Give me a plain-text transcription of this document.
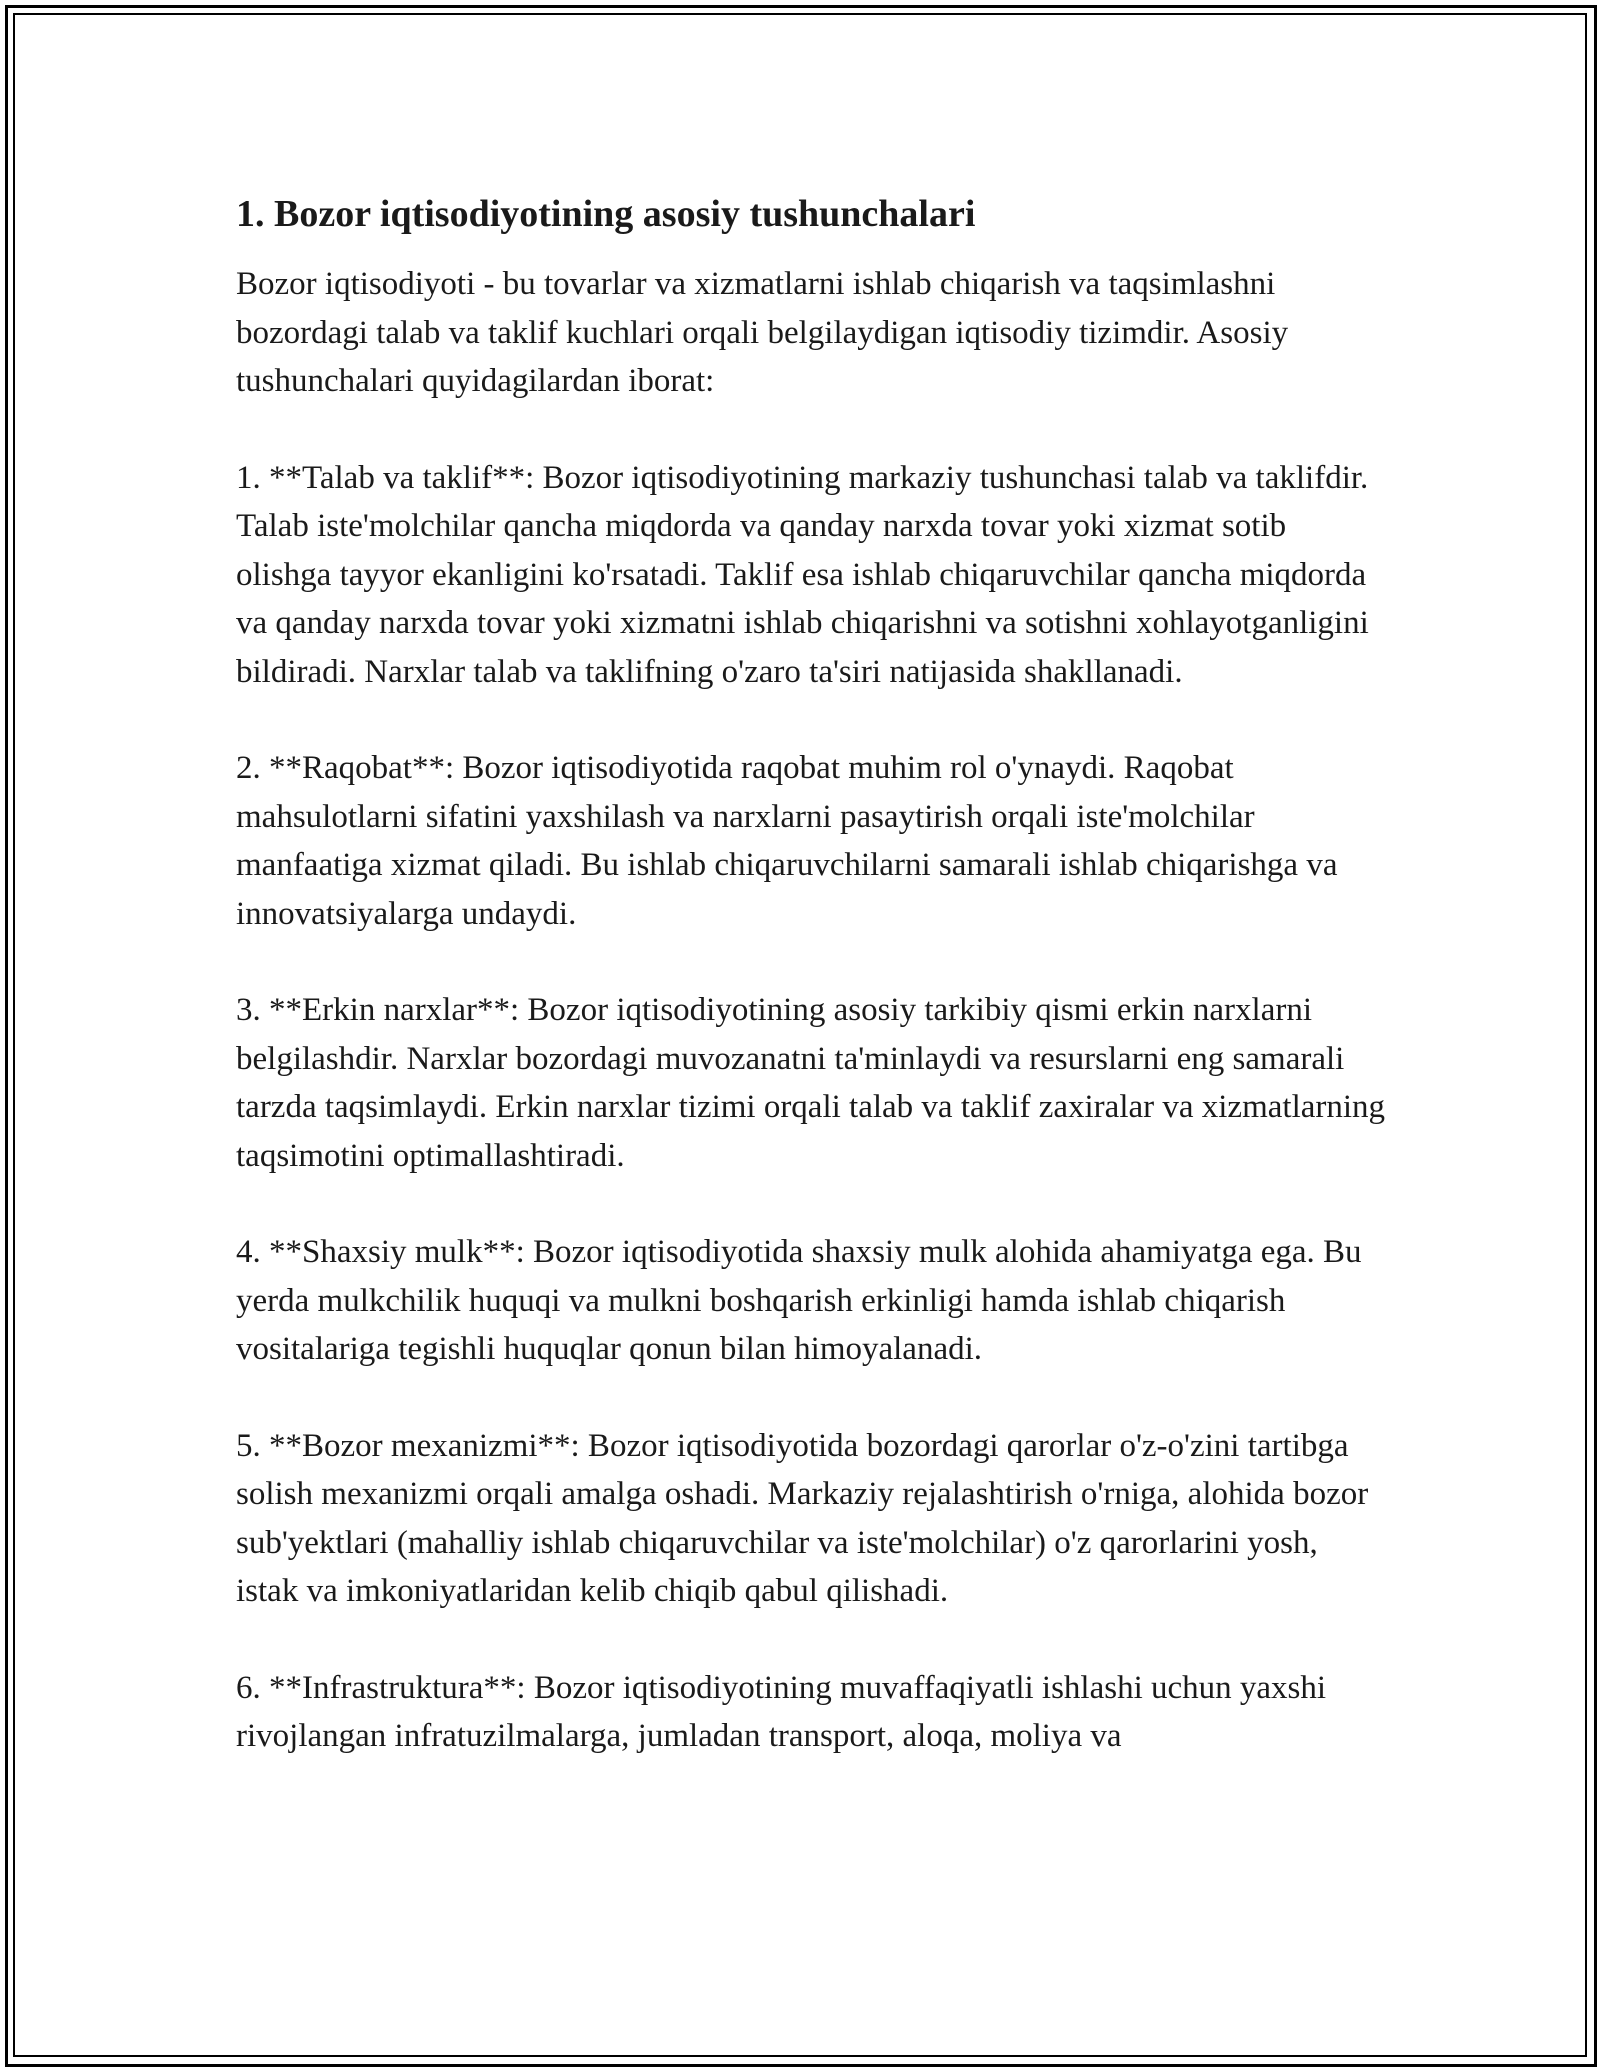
1. Bozor iqtisodiyotining asosiy tushunchalari

Bozor iqtisodiyoti - bu tovarlar va xizmatlarni ishlab chiqarish va taqsimlashni bozordagi talab va taklif kuchlari orqali belgilaydigan iqtisodiy tizimdir. Asosiy tushunchalari quyidagilardan iborat:

1. **Talab va taklif**: Bozor iqtisodiyotining markaziy tushunchasi talab va taklifdir. Talab iste'molchilar qancha miqdorda va qanday narxda tovar yoki xizmat sotib olishga tayyor ekanligini ko'rsatadi. Taklif esa ishlab chiqaruvchilar qancha miqdorda va qanday narxda tovar yoki xizmatni ishlab chiqarishni va sotishni xohlayotganligini bildiradi. Narxlar talab va taklifning o'zaro ta'siri natijasida shakllanadi.

2. **Raqobat**: Bozor iqtisodiyotida raqobat muhim rol o'ynaydi. Raqobat mahsulotlarni sifatini yaxshilash va narxlarni pasaytirish orqali iste'molchilar manfaatiga xizmat qiladi. Bu ishlab chiqaruvchilarni samarali ishlab chiqarishga va innovatsiyalarga undaydi.

3. **Erkin narxlar**: Bozor iqtisodiyotining asosiy tarkibiy qismi erkin narxlarni belgilashdir. Narxlar bozordagi muvozanatni ta'minlaydi va resurslarni eng samarali tarzda taqsimlaydi. Erkin narxlar tizimi orqali talab va taklif zaxiralar va xizmatlarning taqsimotini optimallashtiradi.

4. **Shaxsiy mulk**: Bozor iqtisodiyotida shaxsiy mulk alohida ahamiyatga ega. Bu yerda mulkchilik huquqi va mulkni boshqarish erkinligi hamda ishlab chiqarish vositalariga tegishli huquqlar qonun bilan himoyalanadi.

5. **Bozor mexanizmi**: Bozor iqtisodiyotida bozordagi qarorlar o'z-o'zini tartibga solish mexanizmi orqali amalga oshadi. Markaziy rejalashtirish o'rniga, alohida bozor sub'yektlari (mahalliy ishlab chiqaruvchilar va iste'molchilar) o'z qarorlarini yosh, istak va imkoniyatlaridan kelib chiqib qabul qilishadi.

6. **Infrastruktura**: Bozor iqtisodiyotining muvaffaqiyatli ishlashi uchun yaxshi rivojlangan infratuzilmalarga, jumladan transport, aloqa, moliya va
